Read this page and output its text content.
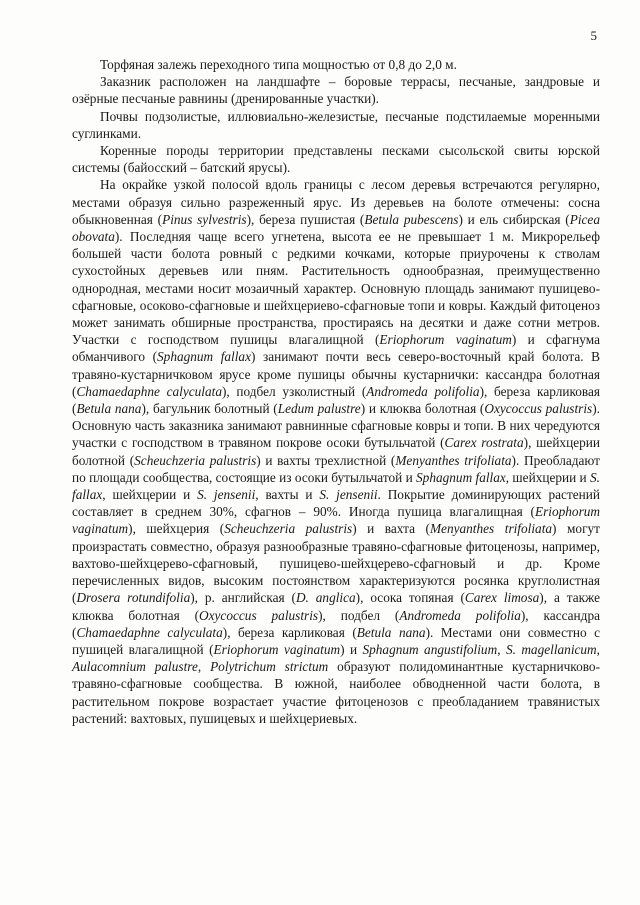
5

Торфяная залежь переходного типа мощностью от 0,8 до 2,0 м.

Заказник расположен на ландшафте – боровые террасы, песчаные, зандровые и озёрные песчаные равнины (дренированные участки).

Почвы подзолистые, иллювиально-железистые, песчаные подстилаемые моренными суглинками.

Коренные породы территории представлены песками сысольской свиты юрской системы (байосский – батский ярусы).

На окрайке узкой полосой вдоль границы с лесом деревья встречаются регулярно, местами образуя сильно разреженный ярус. Из деревьев на болоте отмечены: сосна обыкновенная (Pinus sylvestris), береза пушистая (Betula pubescens) и ель сибирская (Picea obovata). Последняя чаще всего угнетена, высота ее не превышает 1 м. Микрорельеф большей части болота ровный с редкими кочками, которые приурочены к стволам сухостойных деревьев или пням. Растительность однообразная, преимущественно однородная, местами носит мозаичный характер. Основную площадь занимают пушицево-сфагновые, осоково-сфагновые и шейхцериево-сфагновые топи и ковры. Каждый фитоценоз может занимать обширные пространства, простираясь на десятки и даже сотни метров. Участки с господством пушицы влагалищной (Eriophorum vaginatum) и сфагнума обманчивого (Sphagnum fallax) занимают почти весь северо-восточный край болота. В травяно-кустарничковом ярусе кроме пушицы обычны кустарнички: кассандра болотная (Chamaedaphne calyculata), подбел узколистный (Andromeda polifolia), береза карликовая (Betula nana), багульник болотный (Ledum palustre) и клюква болотная (Oxycoccus palustris). Основную часть заказника занимают равнинные сфагновые ковры и топи. В них чередуются участки с господством в травяном покрове осоки бутыльчатой (Carex rostrata), шейхцерии болотной (Scheuchzeria palustris) и вахты трехлистной (Menyanthes trifoliata). Преобладают по площади сообщества, состоящие из осоки бутыльчатой и Sphagnum fallax, шейхцерии и S. fallax, шейхцерии и S. jensenii, вахты и S. jensenii. Покрытие доминирующих растений составляет в среднем 30%, сфагнов – 90%. Иногда пушица влагалищная (Eriophorum vaginatum), шейхцерия (Scheuchzeria palustris) и вахта (Menyanthes trifoliata) могут произрастать совместно, образуя разнообразные травяно-сфагновые фитоценозы, например, вахтово-шейхцерево-сфагновый, пушицево-шейхцерево-сфагновый и др. Кроме перечисленных видов, высоким постоянством характеризуются росянка круглолистная (Drosera rotundifolia), р. английская (D. anglica), осока топяная (Carex limosa), а также клюква болотная (Oxycoccus palustris), подбел (Andromeda polifolia), кассандра (Chamaedaphne calyculata), береза карликовая (Betula nana). Местами они совместно с пушицей влагалищной (Eriophorum vaginatum) и Sphagnum angustifolium, S. magellanicum, Aulacomnium palustre, Polytrichum strictum образуют полидоминантные кустарничково-травяно-сфагновые сообщества. В южной, наиболее обводненной части болота, в растительном покрове возрастает участие фитоценозов с преобладанием травянистых растений: вахтовых, пушицевых и шейхцериевых.
